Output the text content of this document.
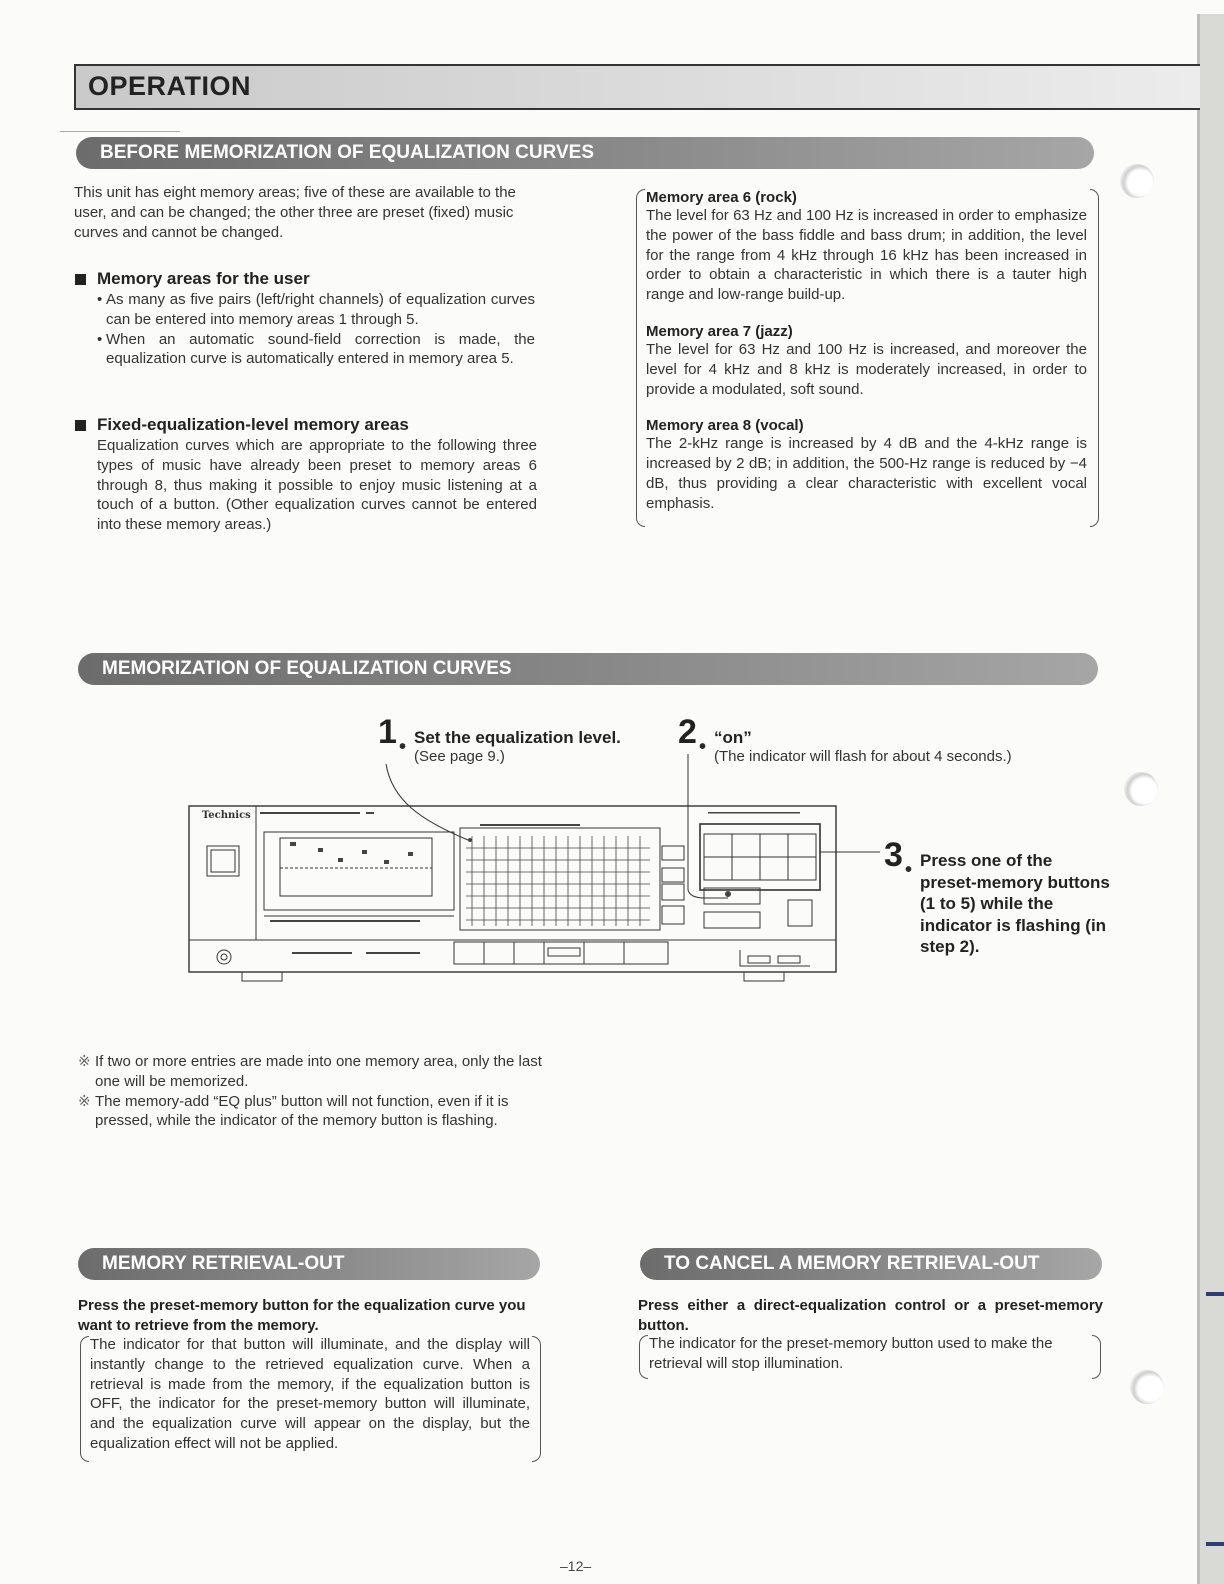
OPERATION
BEFORE MEMORIZATION OF EQUALIZATION CURVES
This unit has eight memory areas; five of these are available to the user, and can be changed; the other three are preset (fixed) music curves and cannot be changed.
Memory areas for the user
• As many as five pairs (left/right channels) of equalization curves can be entered into memory areas 1 through 5.
• When an automatic sound-field correction is made, the equalization curve is automatically entered in memory area 5.
Fixed-equalization-level memory areas
Equalization curves which are appropriate to the following three types of music have already been preset to memory areas 6 through 8, thus making it possible to enjoy music listening at a touch of a button. (Other equalization curves cannot be entered into these memory areas.)
Memory area 6 (rock)
The level for 63 Hz and 100 Hz is increased in order to emphasize the power of the bass fiddle and bass drum; in addition, the level for the range from 4 kHz through 16 kHz has been increased in order to obtain a characteristic in which there is a tauter high range and low-range build-up.
Memory area 7 (jazz)
The level for 63 Hz and 100 Hz is increased, and moreover the level for 4 kHz and 8 kHz is moderately increased, in order to provide a modulated, soft sound.
Memory area 8 (vocal)
The 2-kHz range is increased by 4 dB and the 4-kHz range is increased by 2 dB; in addition, the 500-Hz range is reduced by −4 dB, thus providing a clear characteristic with excellent vocal emphasis.
MEMORIZATION OF EQUALIZATION CURVES
1 • Set the equalization level.
(See page 9.)
2 • “on”
(The indicator will flash for about 4 seconds.)
3 • Press one of the preset-memory buttons (1 to 5) while the indicator is flashing (in step 2).
Technics
※ If two or more entries are made into one memory area, only the last one will be memorized.
※ The memory-add “EQ plus” button will not function, even if it is pressed, while the indicator of the memory button is flashing.
MEMORY RETRIEVAL-OUT
Press the preset-memory button for the equalization curve you want to retrieve from the memory.
The indicator for that button will illuminate, and the display will instantly change to the retrieved equalization curve. When a retrieval is made from the memory, if the equalization button is OFF, the indicator for the preset-memory button will illuminate, and the equalization curve will appear on the display, but the equalization effect will not be applied.
TO CANCEL A MEMORY RETRIEVAL-OUT
Press either a direct-equalization control or a preset-memory button.
The indicator for the preset-memory button used to make the retrieval will stop illumination.
–12–
